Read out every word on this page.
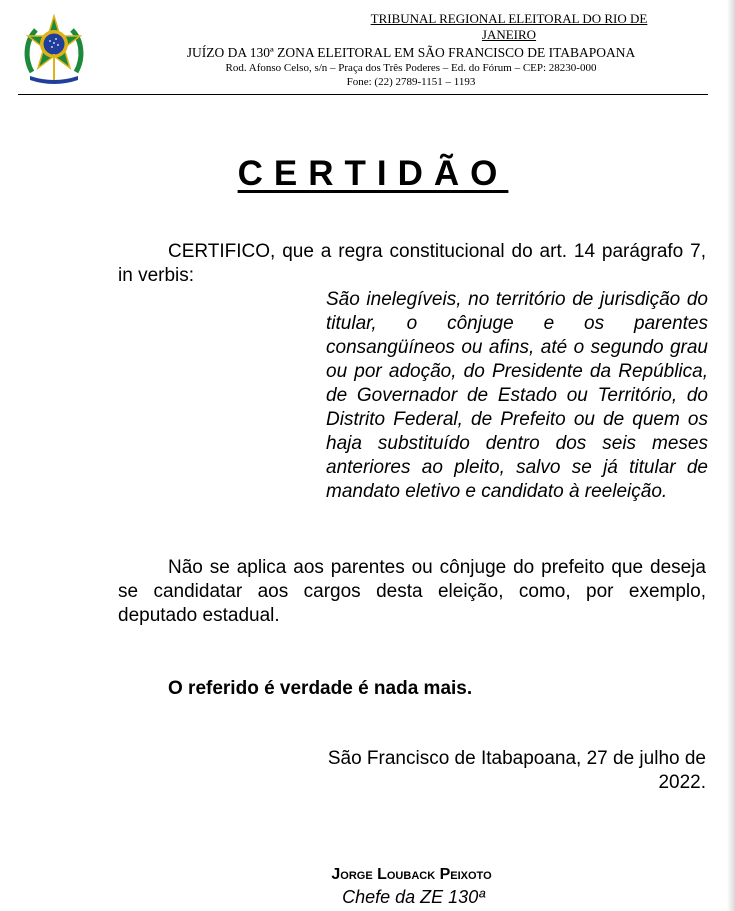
TRIBUNAL REGIONAL ELEITORAL DO RIO DE
JANEIRO
JUÍZO DA 130ª ZONA ELEITORAL EM SÃO FRANCISCO DE ITABAPOANA
Rod. Afonso Celso, s/n – Praça dos Três Poderes – Ed. do Fórum – CEP: 28230-000
Fone: (22) 2789-1151 – 1193
CERTIDÃO
CERTIFICO, que a regra constitucional do art. 14 parágrafo 7, in verbis:
São inelegíveis, no território de jurisdição do titular, o cônjuge e os parentes consangüíneos ou afins, até o segundo grau ou por adoção, do Presidente da República, de Governador de Estado ou Território, do Distrito Federal, de Prefeito ou de quem os haja substituído dentro dos seis meses anteriores ao pleito, salvo se já titular de mandato eletivo e candidato à reeleição.
Não se aplica aos parentes ou cônjuge do prefeito que deseja se candidatar aos cargos desta eleição, como, por exemplo, deputado estadual.
O referido é verdade é nada mais.
São Francisco de Itabapoana, 27 de julho de 2022.
Jorge Louback Peixoto
Chefe da ZE 130ª
